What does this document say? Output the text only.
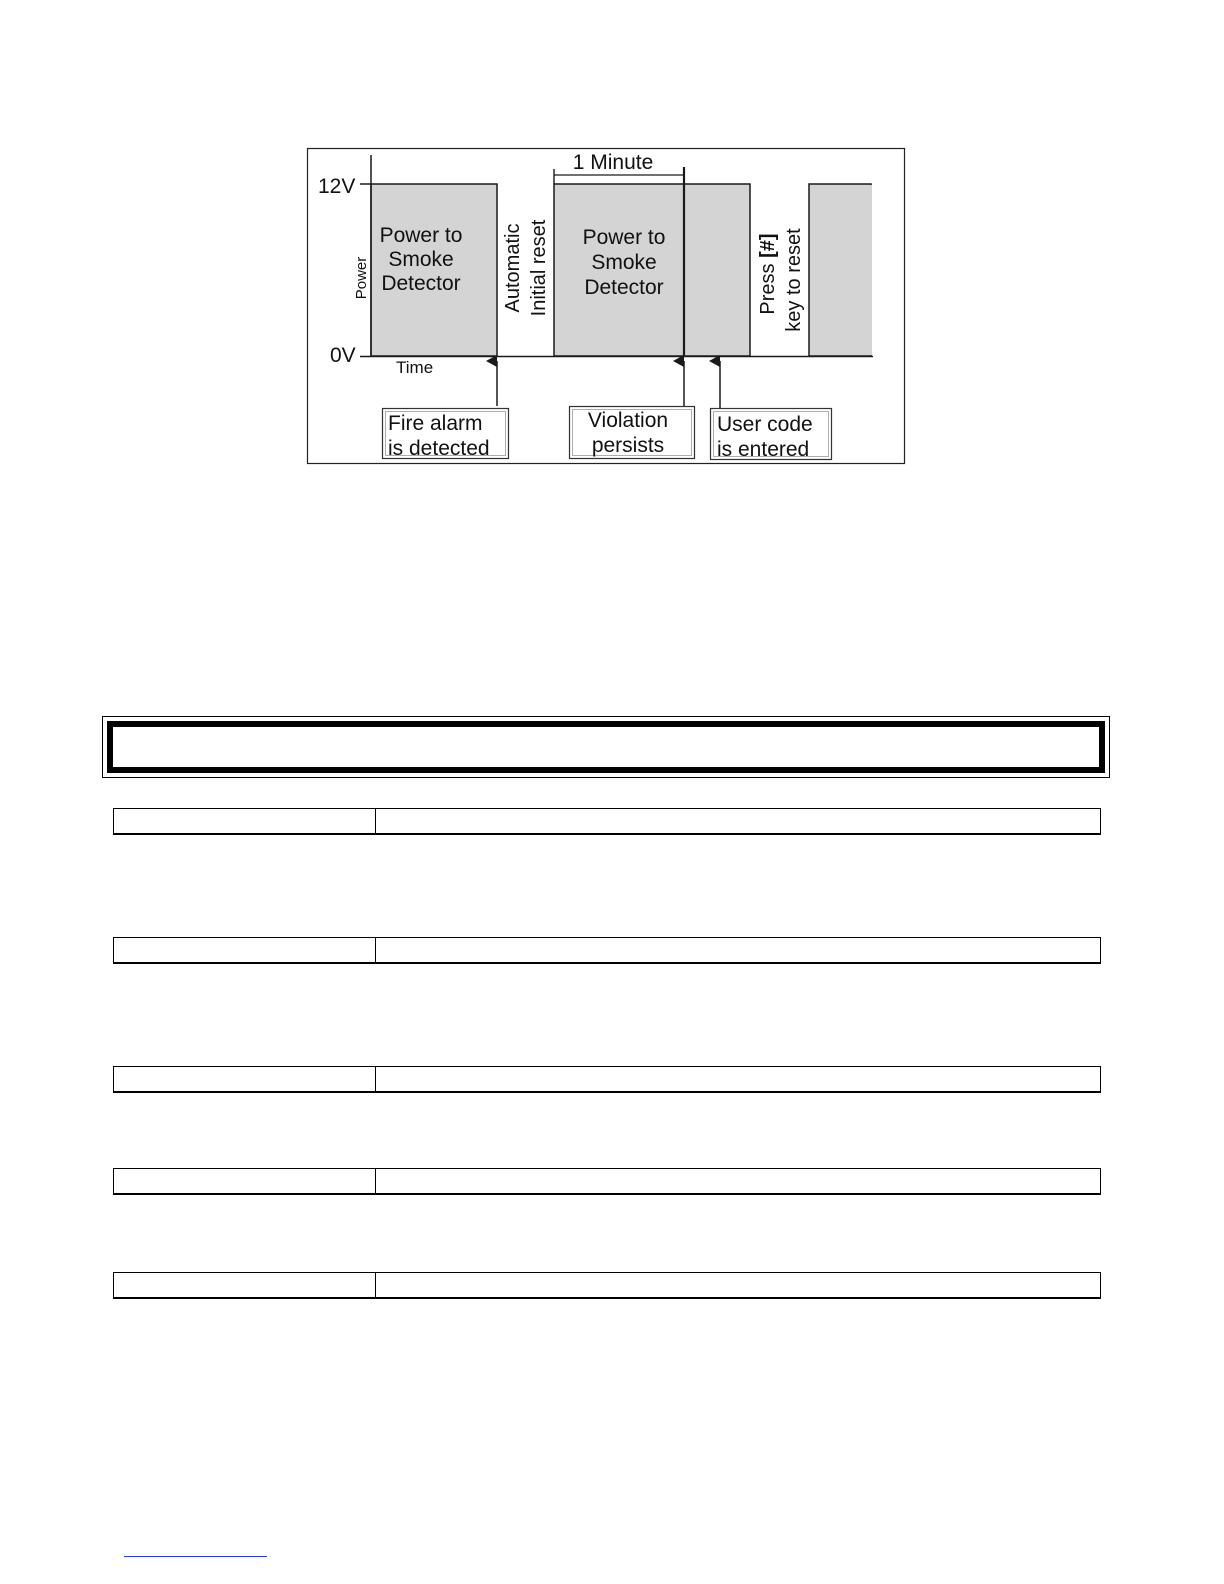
12V
0V
Power
Time
1 Minute
Power to
Smoke
Detector
Power to
Smoke
Detector
Automatic Initial reset	Press [#] key to reset
Fire alarm
is detected
Violation
persists
User code
is entered
